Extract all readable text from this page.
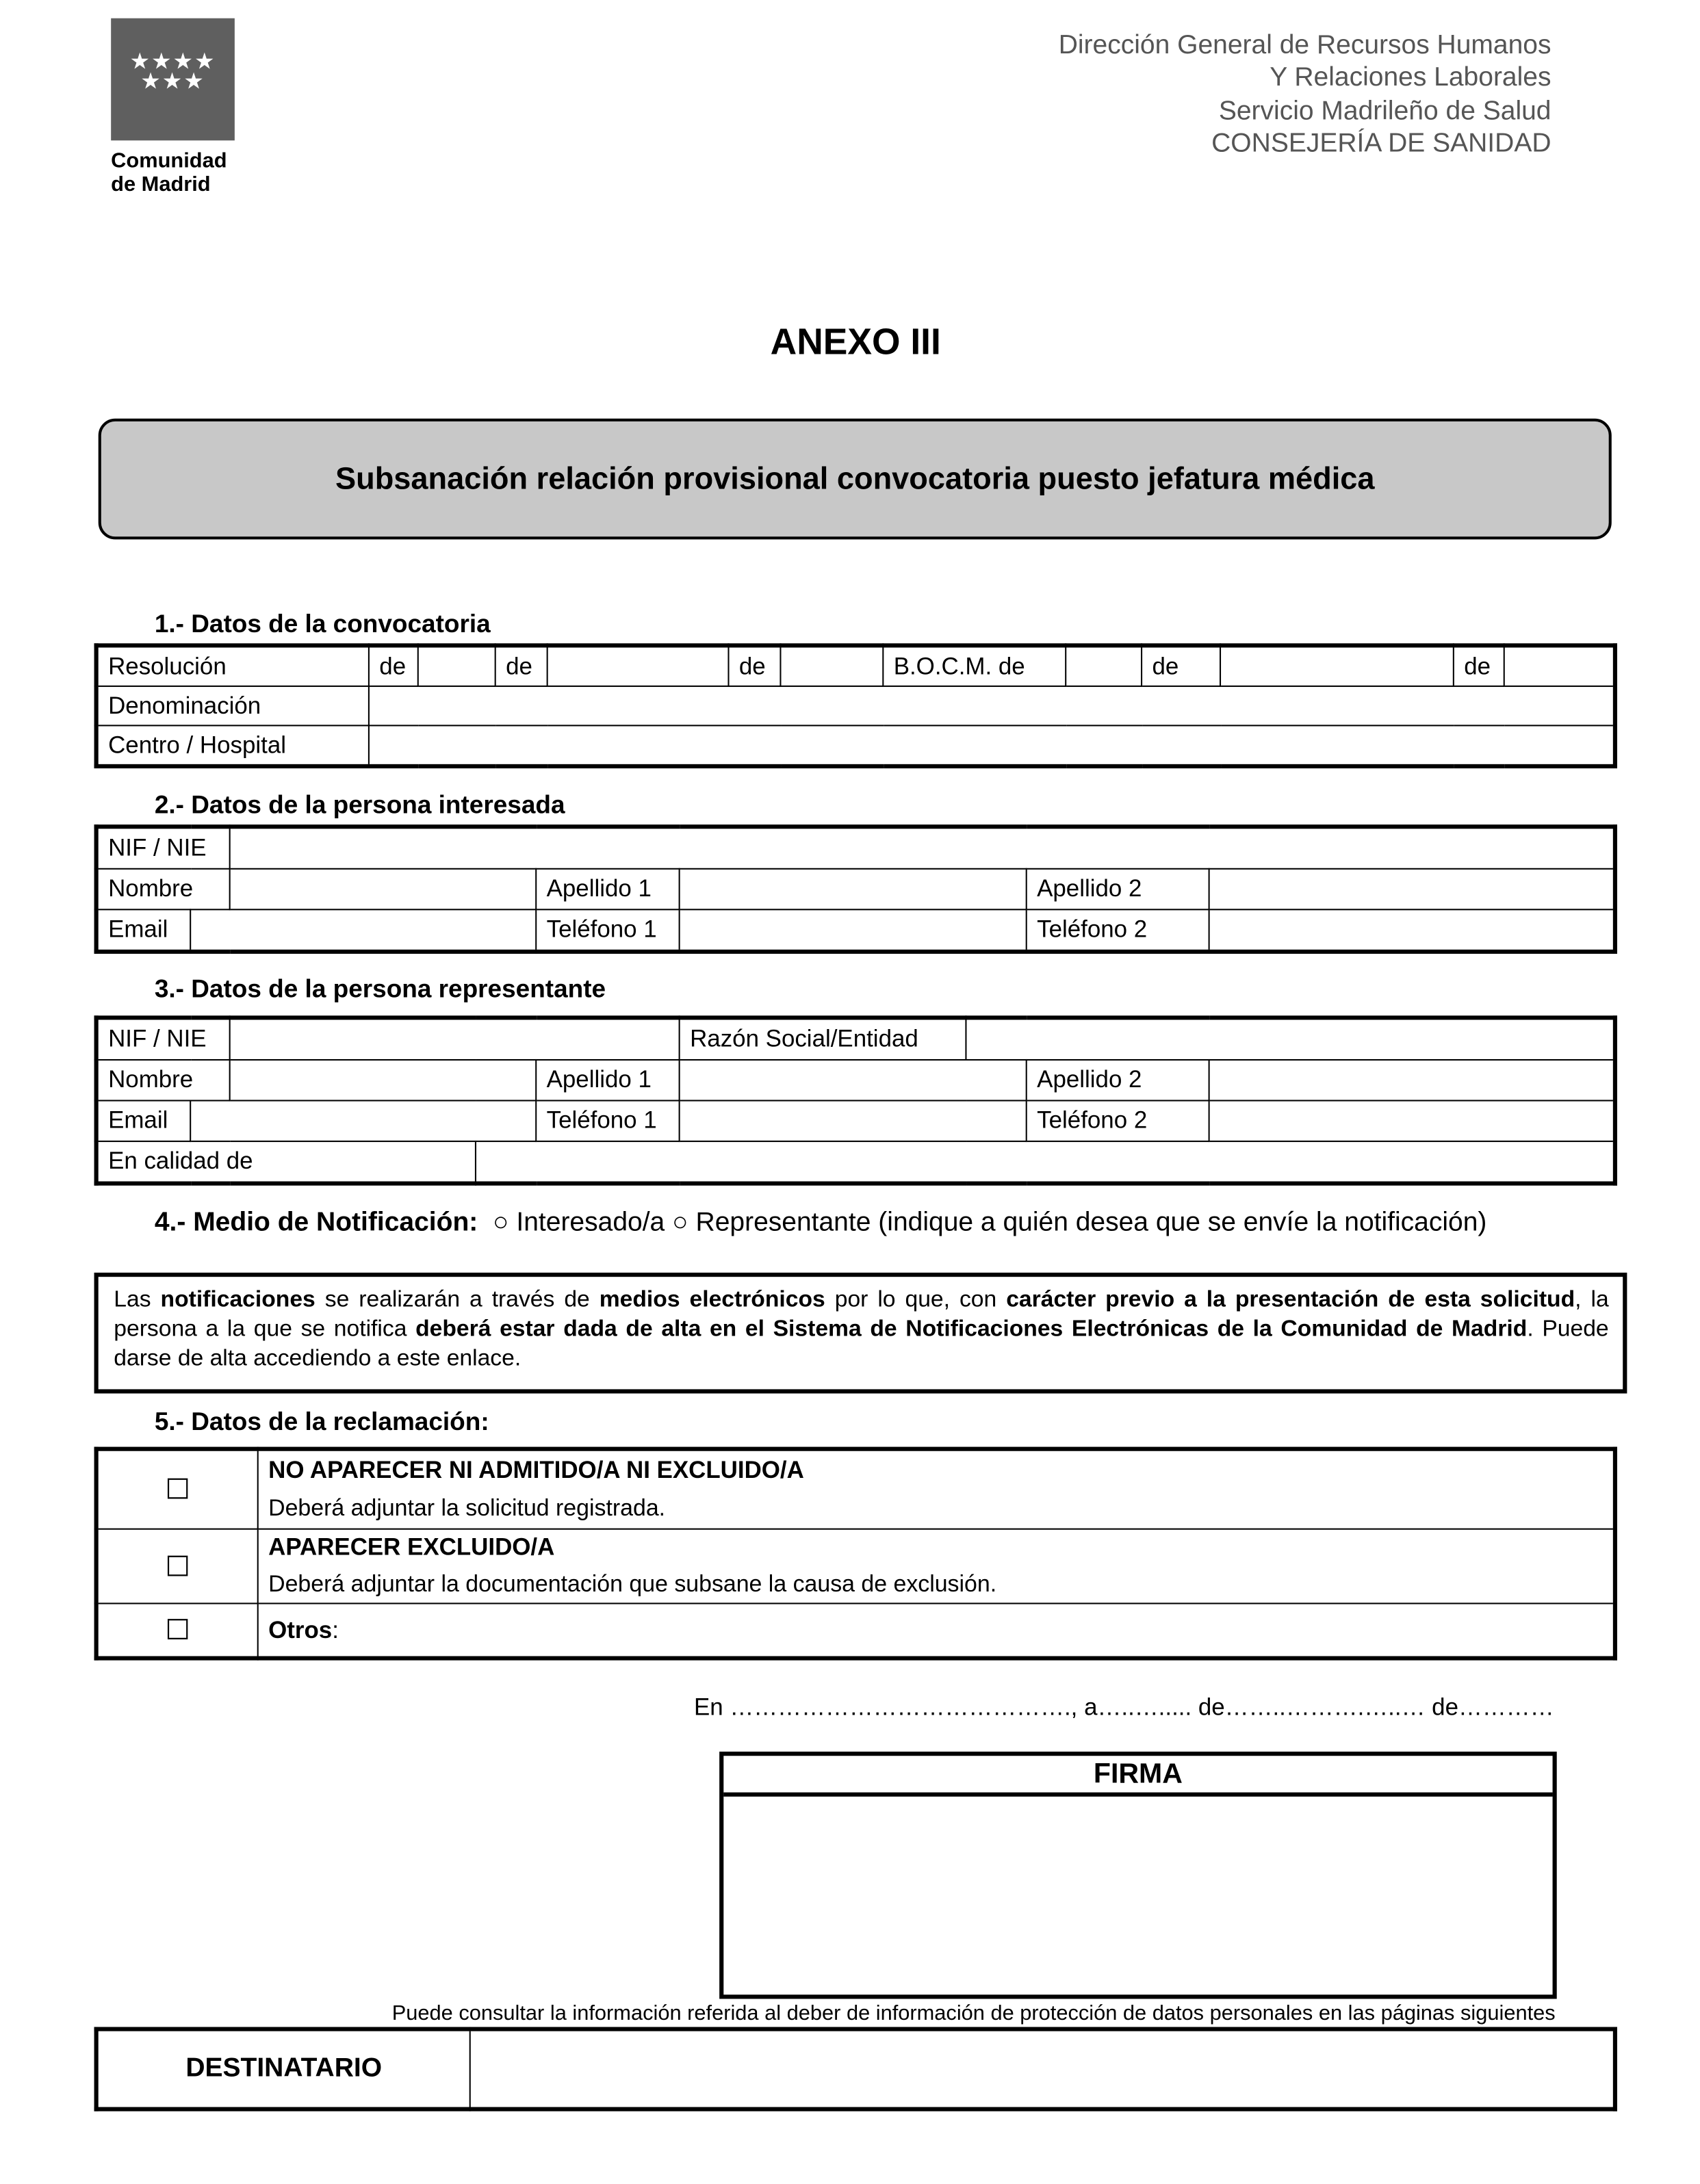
★★★★ ★★★
Comunidad
de Madrid
Dirección General de Recursos Humanos
Y Relaciones Laborales
Servicio Madrileño de Salud
CONSEJERÍA DE SANIDAD
ANEXO III
Subsanación relación provisional convocatoria puesto jefatura médica
1.- Datos de la convocatoria
Resolución	de		de		de		B.O.C.M. de		de		de	
Denominación												
Centro / Hospital												
2.- Datos de la persona interesada
NIF / NIE						
Nombre			Apellido 1		Apellido 2	
Email			Teléfono 1		Teléfono 2	
3.- Datos de la persona representante
NIF / NIE					Razón Social/Entidad			
Nombre				Apellido 1			Apellido 2	
Email				Teléfono 1			Teléfono 2	
En calidad de								
4.- Medio de Notificación: ○ Interesado/a ○ Representante (indique a quién desea que se envíe la notificación)
Las notificaciones se realizarán a través de medios electrónicos por lo que, con carácter previo a la presentación de esta solicitud, la persona a la que se notifica deberá estar dada de alta en el Sistema de Notificaciones Electrónicas de la Comunidad de Madrid. Puede darse de alta accediendo a este enlace.
5.- Datos de la reclamación:
☐	NO APARECER NI ADMITIDO/A NI EXCLUIDO/A
Deberá adjuntar la solicitud registrada.

☐	APARECER EXCLUIDO/A
Deberá adjuntar la documentación que subsane la causa de exclusión.

☐	Otros:
En ……………………………………., a…..…..... de……..……….…..… de…………
FIRMA
Puede consultar la información referida al deber de información de protección de datos personales en las páginas siguientes
DESTINATARIO	
